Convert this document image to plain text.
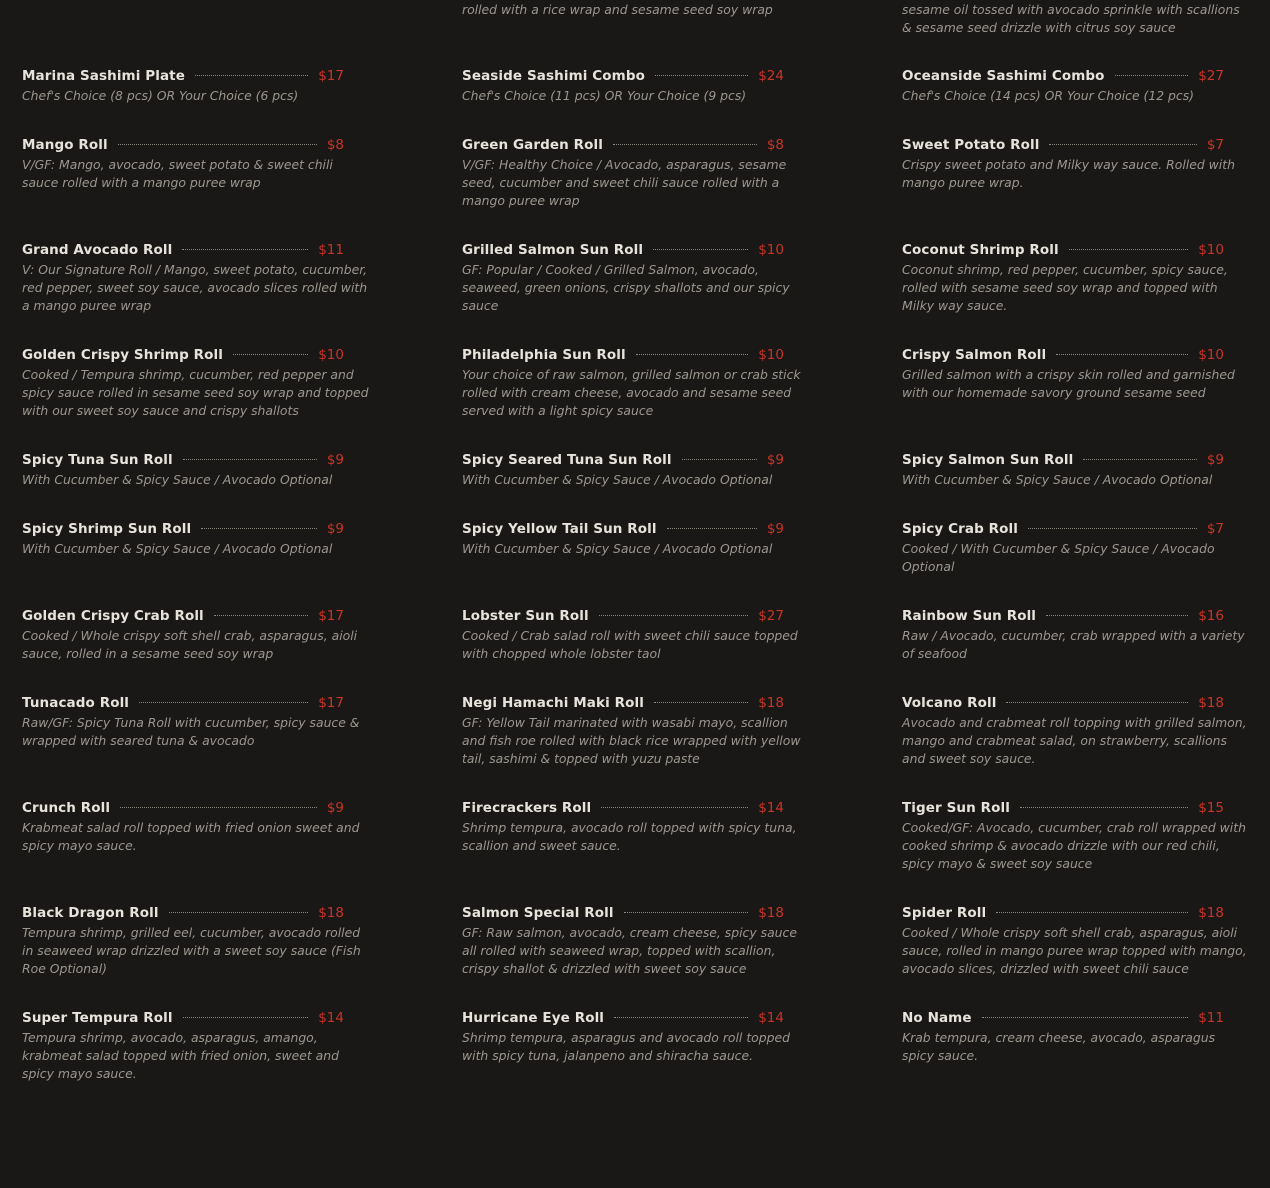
rolled with a rice wrap and sesame seed soy wrap	sesame oil tossed with avocado sprinkle with scallions & sesame seed drizzle with citrus soy sauce

Marina Sashimi Plate	$17

Chef's Choice (8 pcs) OR Your Choice (6 pcs)

Mango Roll	$8

V/GF: Mango, avocado, sweet potato & sweet chili sauce rolled with a mango puree wrap

Grand Avocado Roll	$11

V: Our Signature Roll / Mango, sweet potato, cucumber, red pepper, sweet soy sauce, avocado slices rolled with a mango puree wrap

Golden Crispy Shrimp Roll	$10

Cooked / Tempura shrimp, cucumber, red pepper and spicy sauce rolled in sesame seed soy wrap and topped with our sweet soy sauce and crispy shallots

Spicy Tuna Sun Roll	$9

With Cucumber & Spicy Sauce / Avocado Optional

Spicy Shrimp Sun Roll	$9

With Cucumber & Spicy Sauce / Avocado Optional

Golden Crispy Crab Roll	$17

Cooked / Whole crispy soft shell crab, asparagus, aioli sauce, rolled in a sesame seed soy wrap

Tunacado Roll	$17

Raw/GF: Spicy Tuna Roll with cucumber, spicy sauce & wrapped with seared tuna & avocado

Crunch Roll	$9

Krabmeat salad roll topped with fried onion sweet and spicy mayo sauce.

Black Dragon Roll	$18

Tempura shrimp, grilled eel, cucumber, avocado rolled in seaweed wrap drizzled with a sweet soy sauce (Fish Roe Optional)

Super Tempura Roll	$14

Tempura shrimp, avocado, asparagus, amango, krabmeat salad topped with fried onion, sweet and spicy mayo sauce.

Seaside Sashimi Combo	$24

Chef's Choice (11 pcs) OR Your Choice (9 pcs)

Green Garden Roll	$8

V/GF: Healthy Choice / Avocado, asparagus, sesame seed, cucumber and sweet chili sauce rolled with a mango puree wrap

Grilled Salmon Sun Roll	$10

GF: Popular / Cooked / Grilled Salmon, avocado, seaweed, green onions, crispy shallots and our spicy sauce

Philadelphia Sun Roll	$10

Your choice of raw salmon, grilled salmon or crab stick rolled with cream cheese, avocado and sesame seed served with a light spicy sauce

Spicy Seared Tuna Sun Roll	$9

With Cucumber & Spicy Sauce / Avocado Optional

Spicy Yellow Tail Sun Roll	$9

With Cucumber & Spicy Sauce / Avocado Optional

Lobster Sun Roll	$27

Cooked / Crab salad roll with sweet chili sauce topped with chopped whole lobster taol

Negi Hamachi Maki Roll	$18

GF: Yellow Tail marinated with wasabi mayo, scallion and fish roe rolled with black rice wrapped with yellow tail, sashimi & topped with yuzu paste

Firecrackers Roll	$14

Shrimp tempura, avocado roll topped with spicy tuna, scallion and sweet sauce.

Salmon Special Roll	$18

GF: Raw salmon, avocado, cream cheese, spicy sauce all rolled with seaweed wrap, topped with scallion, crispy shallot & drizzled with sweet soy sauce

Hurricane Eye Roll	$14

Shrimp tempura, asparagus and avocado roll topped with spicy tuna, jalanpeno and shiracha sauce.

Oceanside Sashimi Combo	$27

Chef's Choice (14 pcs) OR Your Choice (12 pcs)

Sweet Potato Roll	$7

Crispy sweet potato and Milky way sauce. Rolled with mango puree wrap.

Coconut Shrimp Roll	$10

Coconut shrimp, red pepper, cucumber, spicy sauce, rolled with sesame seed soy wrap and topped with Milky way sauce.

Crispy Salmon Roll	$10

Grilled salmon with a crispy skin rolled and garnished with our homemade savory ground sesame seed

Spicy Salmon Sun Roll	$9

With Cucumber & Spicy Sauce / Avocado Optional

Spicy Crab Roll	$7

Cooked / With Cucumber & Spicy Sauce / Avocado Optional

Rainbow Sun Roll	$16

Raw / Avocado, cucumber, crab wrapped with a variety of seafood

Volcano Roll	$18

Avocado and crabmeat roll topping with grilled salmon, mango and crabmeat salad, on strawberry, scallions and sweet soy sauce.

Tiger Sun Roll	$15

Cooked/GF: Avocado, cucumber, crab roll wrapped with cooked shrimp & avocado drizzle with our red chili, spicy mayo & sweet soy sauce

Spider Roll	$18

Cooked / Whole crispy soft shell crab, asparagus, aioli sauce, rolled in mango puree wrap topped with mango, avocado slices, drizzled with sweet chili sauce

No Name	$11

Krab tempura, cream cheese, avocado, asparagus spicy sauce.
